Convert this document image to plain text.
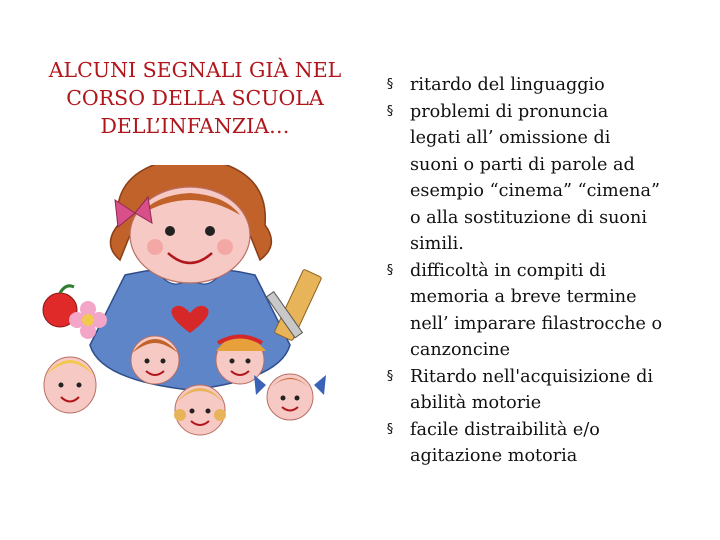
ALCUNI SEGNALI GIÀ NEL
CORSO DELLA SCUOLA
DELL’INFANZIA…
§ ritardo del linguaggio
§ problemi di pronuncia
legati all’ omissione di
suoni o parti di parole ad
esempio “cinema” “cimena”
o alla sostituzione di suoni
simili.
§ difficoltà in compiti di
memoria a breve termine
nell’ imparare filastrocche o
canzoncine
§ Ritardo nell'acquisizione di
abilità motorie
§ facile distraibilità e/o
agitazione motoria
